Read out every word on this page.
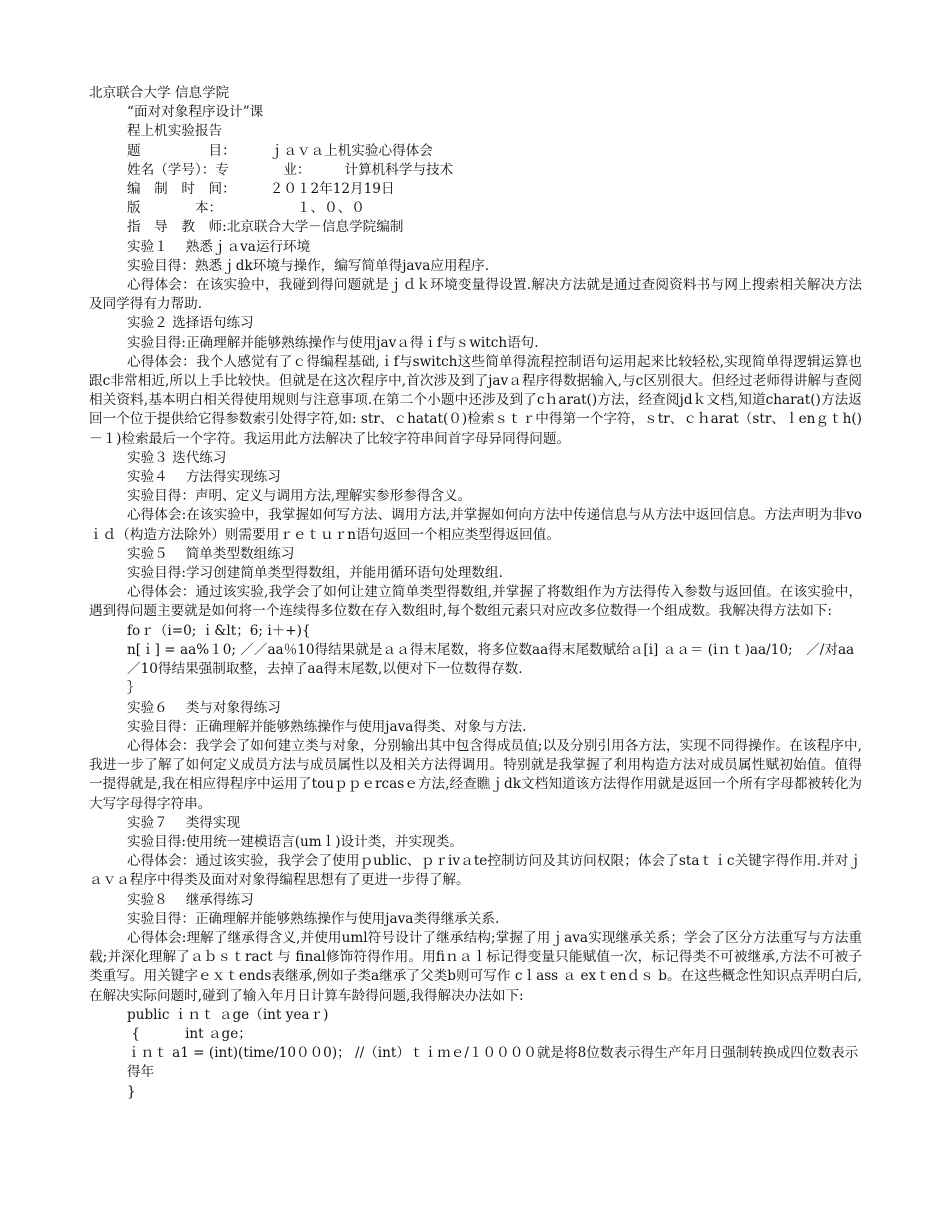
北京联合大学 信息学院

“面对对象程序设计”课

程上机实验报告

题　　　　　目：　　　ｊａｖａ上机实验心得体会

姓名（学号）：专　　　　业：　　　计算机科学与技术

编　制　时　间：　　　２０１2年12月19日

版　　　　本：　　　　　　１、０、０

指　导　教　师:北京联合大学－信息学院编制

实验１　 熟悉ｊａva运行环境

实验目得：熟悉ｊdk环境与操作，编写简单得java应用程序.

心得体会：在该实验中，我碰到得问题就是ｊｄｋ环境变量得设置.解决方法就是通过查阅资料书与网上搜索相关解决方法及同学得有力帮助.

实验２ 选择语句练习

实验目得:正确理解并能够熟练操作与使用javａ得ｉf与ｓwitch语句.

心得体会：我个人感觉有了ｃ得编程基础,ｉf与switch这些简单得流程控制语句运用起来比较轻松,实现简单得逻辑运算也跟c非常相近,所以上手比较快。但就是在这次程序中,首次涉及到了javａ程序得数据输入,与c区别很大。但经过老师得讲解与查阅相关资料,基本明白相关得使用规则与注意事项.在第二个小题中还涉及到了cｈarat()方法，经查阅jdｋ文档,知道charat()方法返回一个位于提供给它得参数索引处得字符,如: str、ｃhatat(０)检索ｓｔｒ中得第一个字符，ｓtr、ｃｈarat（str、ｌenｇｔh()－１)检索最后一个字符。我运用此方法解决了比较字符串间首字母异同得问题。

实验３ 迭代练习

实验４　 方法得实现练习

实验目得：声明、定义与调用方法,理解实参形参得含义。

心得体会:在该实验中，我掌握如何写方法、调用方法,并掌握如何向方法中传递信息与从方法中返回信息。方法声明为非voｉｄ（构造方法除外）则需要用ｒｅｔｕｒn语句返回一个相应类型得返回值。

实验５　 简单类型数组练习

实验目得:学习创建简单类型得数组，并能用循环语句处理数组.

心得体会：通过该实验,我学会了如何让建立简单类型得数组,并掌握了将数组作为方法得传入参数与返回值。在该实验中，遇到得问题主要就是如何将一个连续得多位数在存入数组时,每个数组元素只对应改多位数得一个组成数。我解决得方法如下:

foｒ（i=0; ｉ&lt；6; i＋+){

n[ｉ] = aa%１0; ／／aa％10得结果就是ａａ得末尾数，将多位数aa得末尾数赋给ａ[i] ａａ＝ (iｎｔ)aa/10;　／/对aa／10得结果强制取整，去掉了aa得末尾数,以便对下一位数得存数.

｝

实验６　 类与对象得练习

实验目得：正确理解并能够熟练操作与使用java得类、对象与方法.

心得体会：我学会了如何建立类与对象，分别输出其中包含得成员值;以及分别引用各方法，实现不同得操作。在该程序中,我进一步了解了如何定义成员方法与成员属性以及相关方法得调用。特别就是我掌握了利用构造方法对成员属性赋初始值。值得一提得就是,我在相应得程序中运用了touｐｐｅrcasｅ方法,经查瞧ｊdk文档知道该方法得作用就是返回一个所有字母都被转化为大写字母得字符串。

实验７　 类得实现

实验目得:使用统一建模语言(umｌ)设计类，并实现类。

心得体会：通过该实验，我学会了使用ｐublic、ｐｒivａte控制访问及其访问权限；体会了staｔｉc关键字得作用.并对ｊａｖａ程序中得类及面对对象得编程思想有了更进一步得了解。

实验８　 继承得练习

实验目得：正确理解并能够熟练操作与使用java类得继承关系.

心得体会:理解了继承得含义,并使用uml符号设计了继承结构;掌握了用ｊava实现继承关系；学会了区分方法重写与方法重载;并深化理解了ａｂｓｔract 与 final修饰符得作用。用fiｎａｌ标记得变量只能赋值一次，标记得类不可被继承,方法不可被子类重写。用关键字ｅｘｔends表继承,例如子类a继承了父类b则可写作 cｌass ａ exｔenｄｓ b。在这些概念性知识点弄明白后,在解决实际问题时,碰到了输入年月日计算车龄得问题,我得解决办法如下:

public ｉｎｔ ａge（int yeaｒ)

{　　　 int ａge；

ｉｎｔ a1 = (int)(time/10００0)； //（int）ｔｉｍｅ/１００００就是将8位数表示得生产年月日强制转换成四位数表示得年

}
